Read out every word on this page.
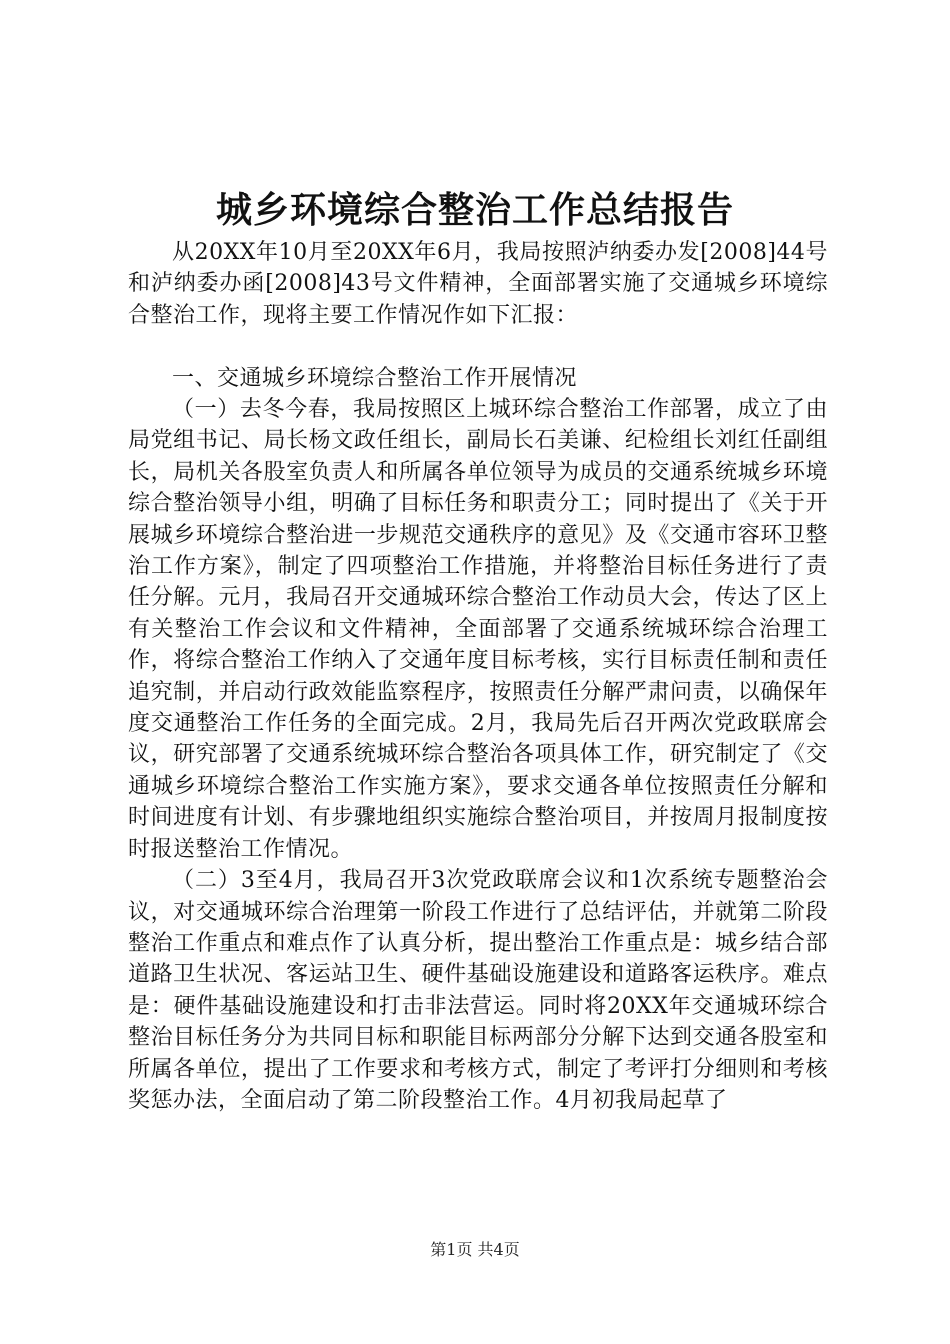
城乡环境综合整治工作总结报告

从20XX年10月至20XX年6月，我局按照泸纳委办发[2008]44号和泸纳委办函[2008]43号文件精神，全面部署实施了交通城乡环境综合整治工作，现将主要工作情况作如下汇报：

一、交通城乡环境综合整治工作开展情况

（一）去冬今春，我局按照区上城环综合整治工作部署，成立了由局党组书记、局长杨文政任组长，副局长石美谦、纪检组长刘红任副组长，局机关各股室负责人和所属各单位领导为成员的交通系统城乡环境综合整治领导小组，明确了目标任务和职责分工；同时提出了《关于开展城乡环境综合整治进一步规范交通秩序的意见》及《交通市容环卫整治工作方案》，制定了四项整治工作措施，并将整治目标任务进行了责任分解。元月，我局召开交通城环综合整治工作动员大会，传达了区上有关整治工作会议和文件精神，全面部署了交通系统城环综合治理工作，将综合整治工作纳入了交通年度目标考核，实行目标责任制和责任追究制，并启动行政效能监察程序，按照责任分解严肃问责，以确保年度交通整治工作任务的全面完成。2月，我局先后召开两次党政联席会议，研究部署了交通系统城环综合整治各项具体工作，研究制定了《交通城乡环境综合整治工作实施方案》，要求交通各单位按照责任分解和时间进度有计划、有步骤地组织实施综合整治项目，并按周月报制度按时报送整治工作情况。

（二）3至4月，我局召开3次党政联席会议和1次系统专题整治会议，对交通城环综合治理第一阶段工作进行了总结评估，并就第二阶段整治工作重点和难点作了认真分析，提出整治工作重点是：城乡结合部道路卫生状况、客运站卫生、硬件基础设施建设和道路客运秩序。难点是：硬件基础设施建设和打击非法营运。同时将20XX年交通城环综合整治目标任务分为共同目标和职能目标两部分分解下达到交通各股室和所属各单位，提出了工作要求和考核方式，制定了考评打分细则和考核奖惩办法，全面启动了第二阶段整治工作。4月初我局起草了

第1页 共4页
